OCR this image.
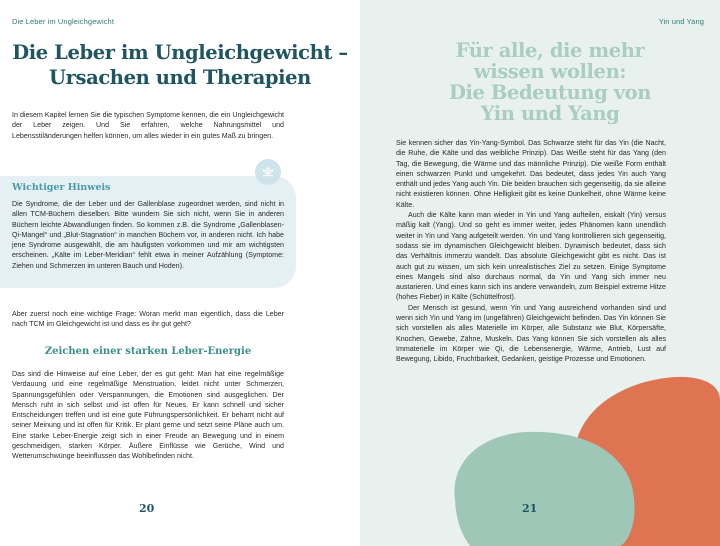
Die Leber im Ungleichgewicht
Die Leber im Ungleichgewicht –
Ursachen und Therapien

In diesem Kapitel lernen Sie die typischen Symptome kennen, die ein Ungleichgewicht der Leber zeigen. Und Sie erfahren, welche Nahrungsmittel und Lebensstiländerungen helfen können, um alles wieder in ein gutes Maß zu bringen.

Wichtiger Hinweis

Die Syndrome, die der Leber und der Gallenblase zugeordnet werden, sind nicht in allen TCM-Büchern dieselben. Bitte wundern Sie sich nicht, wenn Sie in anderen Büchern leichte Abwandlungen finden. So kommen z.B. die Syndrome „Gallenblasen-Qi-Mangel“ und „Blut-Stagnation“ in manchen Büchern vor, in anderen nicht. Ich habe jene Syndrome ausgewählt, die am häufigsten vorkommen und mir am wichtigsten erscheinen. „Kälte im Leber-Meridian“ fehlt etwa in meiner Aufzählung (Symptome: Ziehen und Schmerzen im unteren Bauch und Hoden).

Aber zuerst noch eine wichtige Frage: Woran merkt man eigentlich, dass die Leber nach TCM im Gleichgewicht ist und dass es ihr gut geht?

Zeichen einer starken Leber-Energie

Das sind die Hinweise auf eine Leber, der es gut geht: Man hat eine regelmäßige Verdauung und eine regelmäßige Menstruation, leidet nicht unter Schmerzen, Spannungsgefühlen oder Verspannungen, die Emotionen sind ausgeglichen. Der Mensch ruht in sich selbst und ist offen für Neues. Er kann schnell und sicher Entscheidungen treffen und ist eine gute Führungspersönlichkeit. Er beharrt nicht auf seiner Meinung und ist offen für Kritik. Er plant gerne und setzt seine Pläne auch um. Eine starke Leber-Energie zeigt sich in einer Freude an Bewegung und in einem geschmeidigen, starken Körper. Äußere Einflüsse wie Gerüche, Wind und Wetterumschwünge beeinflussen das Wohlbefinden nicht.

20
Yin und Yang
Für alle, die mehr
wissen wollen:
Die Bedeutung von
Yin und Yang

Sie kennen sicher das Yin-Yang-Symbol. Das Schwarze steht für das Yin (die Nacht, die Ruhe, die Kälte und das weibliche Prinzip). Das Weiße steht für das Yang (den Tag, die Bewegung, die Wärme und das männliche Prinzip). Die weiße Form enthält einen schwarzen Punkt und umgekehrt. Das bedeutet, dass jedes Yin auch Yang enthält und jedes Yang auch Yin. Die beiden brauchen sich gegenseitig, da sie alleine nicht existieren können. Ohne Helligkeit gibt es keine Dunkelheit, ohne Wärme keine Kälte.

Auch die Kälte kann man wieder in Yin und Yang aufteilen, eiskalt (Yin) versus mäßig kalt (Yang). Und so geht es immer weiter, jedes Phänomen kann unendlich weiter in Yin und Yang aufgeteilt werden. Yin und Yang kontrollieren sich gegenseitig, sodass sie im dynamischen Gleichgewicht bleiben. Dynamisch bedeutet, dass sich das Verhältnis immerzu wandelt. Das absolute Gleichgewicht gibt es nicht. Das ist auch gut zu wissen, um sich kein unrealistisches Ziel zu setzen. Einige Symptome eines Mangels sind also durchaus normal, da Yin und Yang sich immer neu austarieren. Und eines kann sich ins andere verwandeln, zum Beispiel extreme Hitze (hohes Fieber) in Kälte (Schüttelfrost).

Der Mensch ist gesund, wenn Yin und Yang ausreichend vorhanden sind und wenn sich Yin und Yang im (ungefähren) Gleichgewicht befinden. Das Yin können Sie sich vorstellen als alles Materielle im Körper, alle Substanz wie Blut, Körpersäfte, Knochen, Gewebe, Zähne, Muskeln. Das Yang können Sie sich vorstellen als alles Immaterielle im Körper wie Qi, die Lebensenergie, Wärme, Antrieb, Lust auf Bewegung, Libido, Fruchtbarkeit, Gedanken, geistige Prozesse und Emotionen.

21
